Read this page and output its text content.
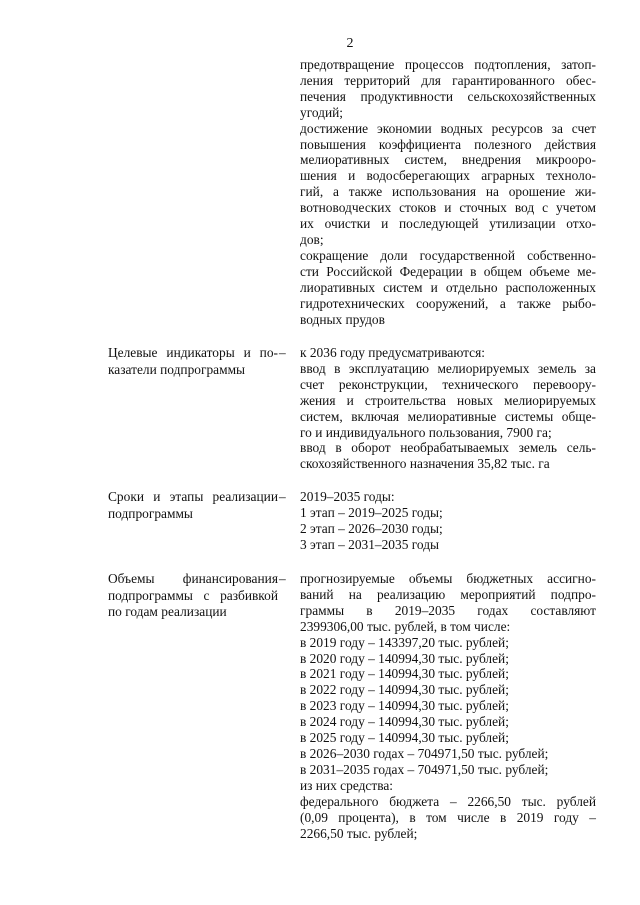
2
предотвращение процессов подтопления, затоп-
ления территорий для гарантированного обес-
печения продуктивности сельскохозяйственных
угодий;
достижение экономии водных ресурсов за счет
повышения коэффициента полезного действия
мелиоративных систем, внедрения микрооро-
шения и водосберегающих аграрных техноло-
гий, а также использования на орошение жи-
вотноводческих стоков и сточных вод с учетом
их очистки и последующей утилизации отхо-
дов;
сокращение доли государственной собственно-
сти Российской Федерации в общем объеме ме-
лиоративных систем и отдельно расположенных
гидротехнических сооружений, а также рыбо-
водных прудов
Целевые индикаторы и по-
казатели подпрограммы
– к 2036 году предусматриваются:
ввод в эксплуатацию мелиорируемых земель за
счет реконструкции, технического перевоору-
жения и строительства новых мелиорируемых
систем, включая мелиоративные системы обще-
го и индивидуального пользования, 7900 га;
ввод в оборот необрабатываемых земель сель-
скохозяйственного назначения 35,82 тыс. га
Сроки и этапы реализации
подпрограммы
– 2019–2035 годы:
1 этап – 2019–2025 годы;
2 этап – 2026–2030 годы;
3 этап – 2031–2035 годы
Объемы финансирования
подпрограммы с разбивкой
по годам реализации
– прогнозируемые объемы бюджетных ассигно-
ваний на реализацию мероприятий подпро-
граммы в 2019–2035 годах составляют
2399306,00 тыс. рублей, в том числе:
в 2019 году – 143397,20 тыс. рублей;
в 2020 году – 140994,30 тыс. рублей;
в 2021 году – 140994,30 тыс. рублей;
в 2022 году – 140994,30 тыс. рублей;
в 2023 году – 140994,30 тыс. рублей;
в 2024 году – 140994,30 тыс. рублей;
в 2025 году – 140994,30 тыс. рублей;
в 2026–2030 годах – 704971,50 тыс. рублей;
в 2031–2035 годах – 704971,50 тыс. рублей;
из них средства:
федерального бюджета – 2266,50 тыс. рублей
(0,09 процента), в том числе в 2019 году –
2266,50 тыс. рублей;
